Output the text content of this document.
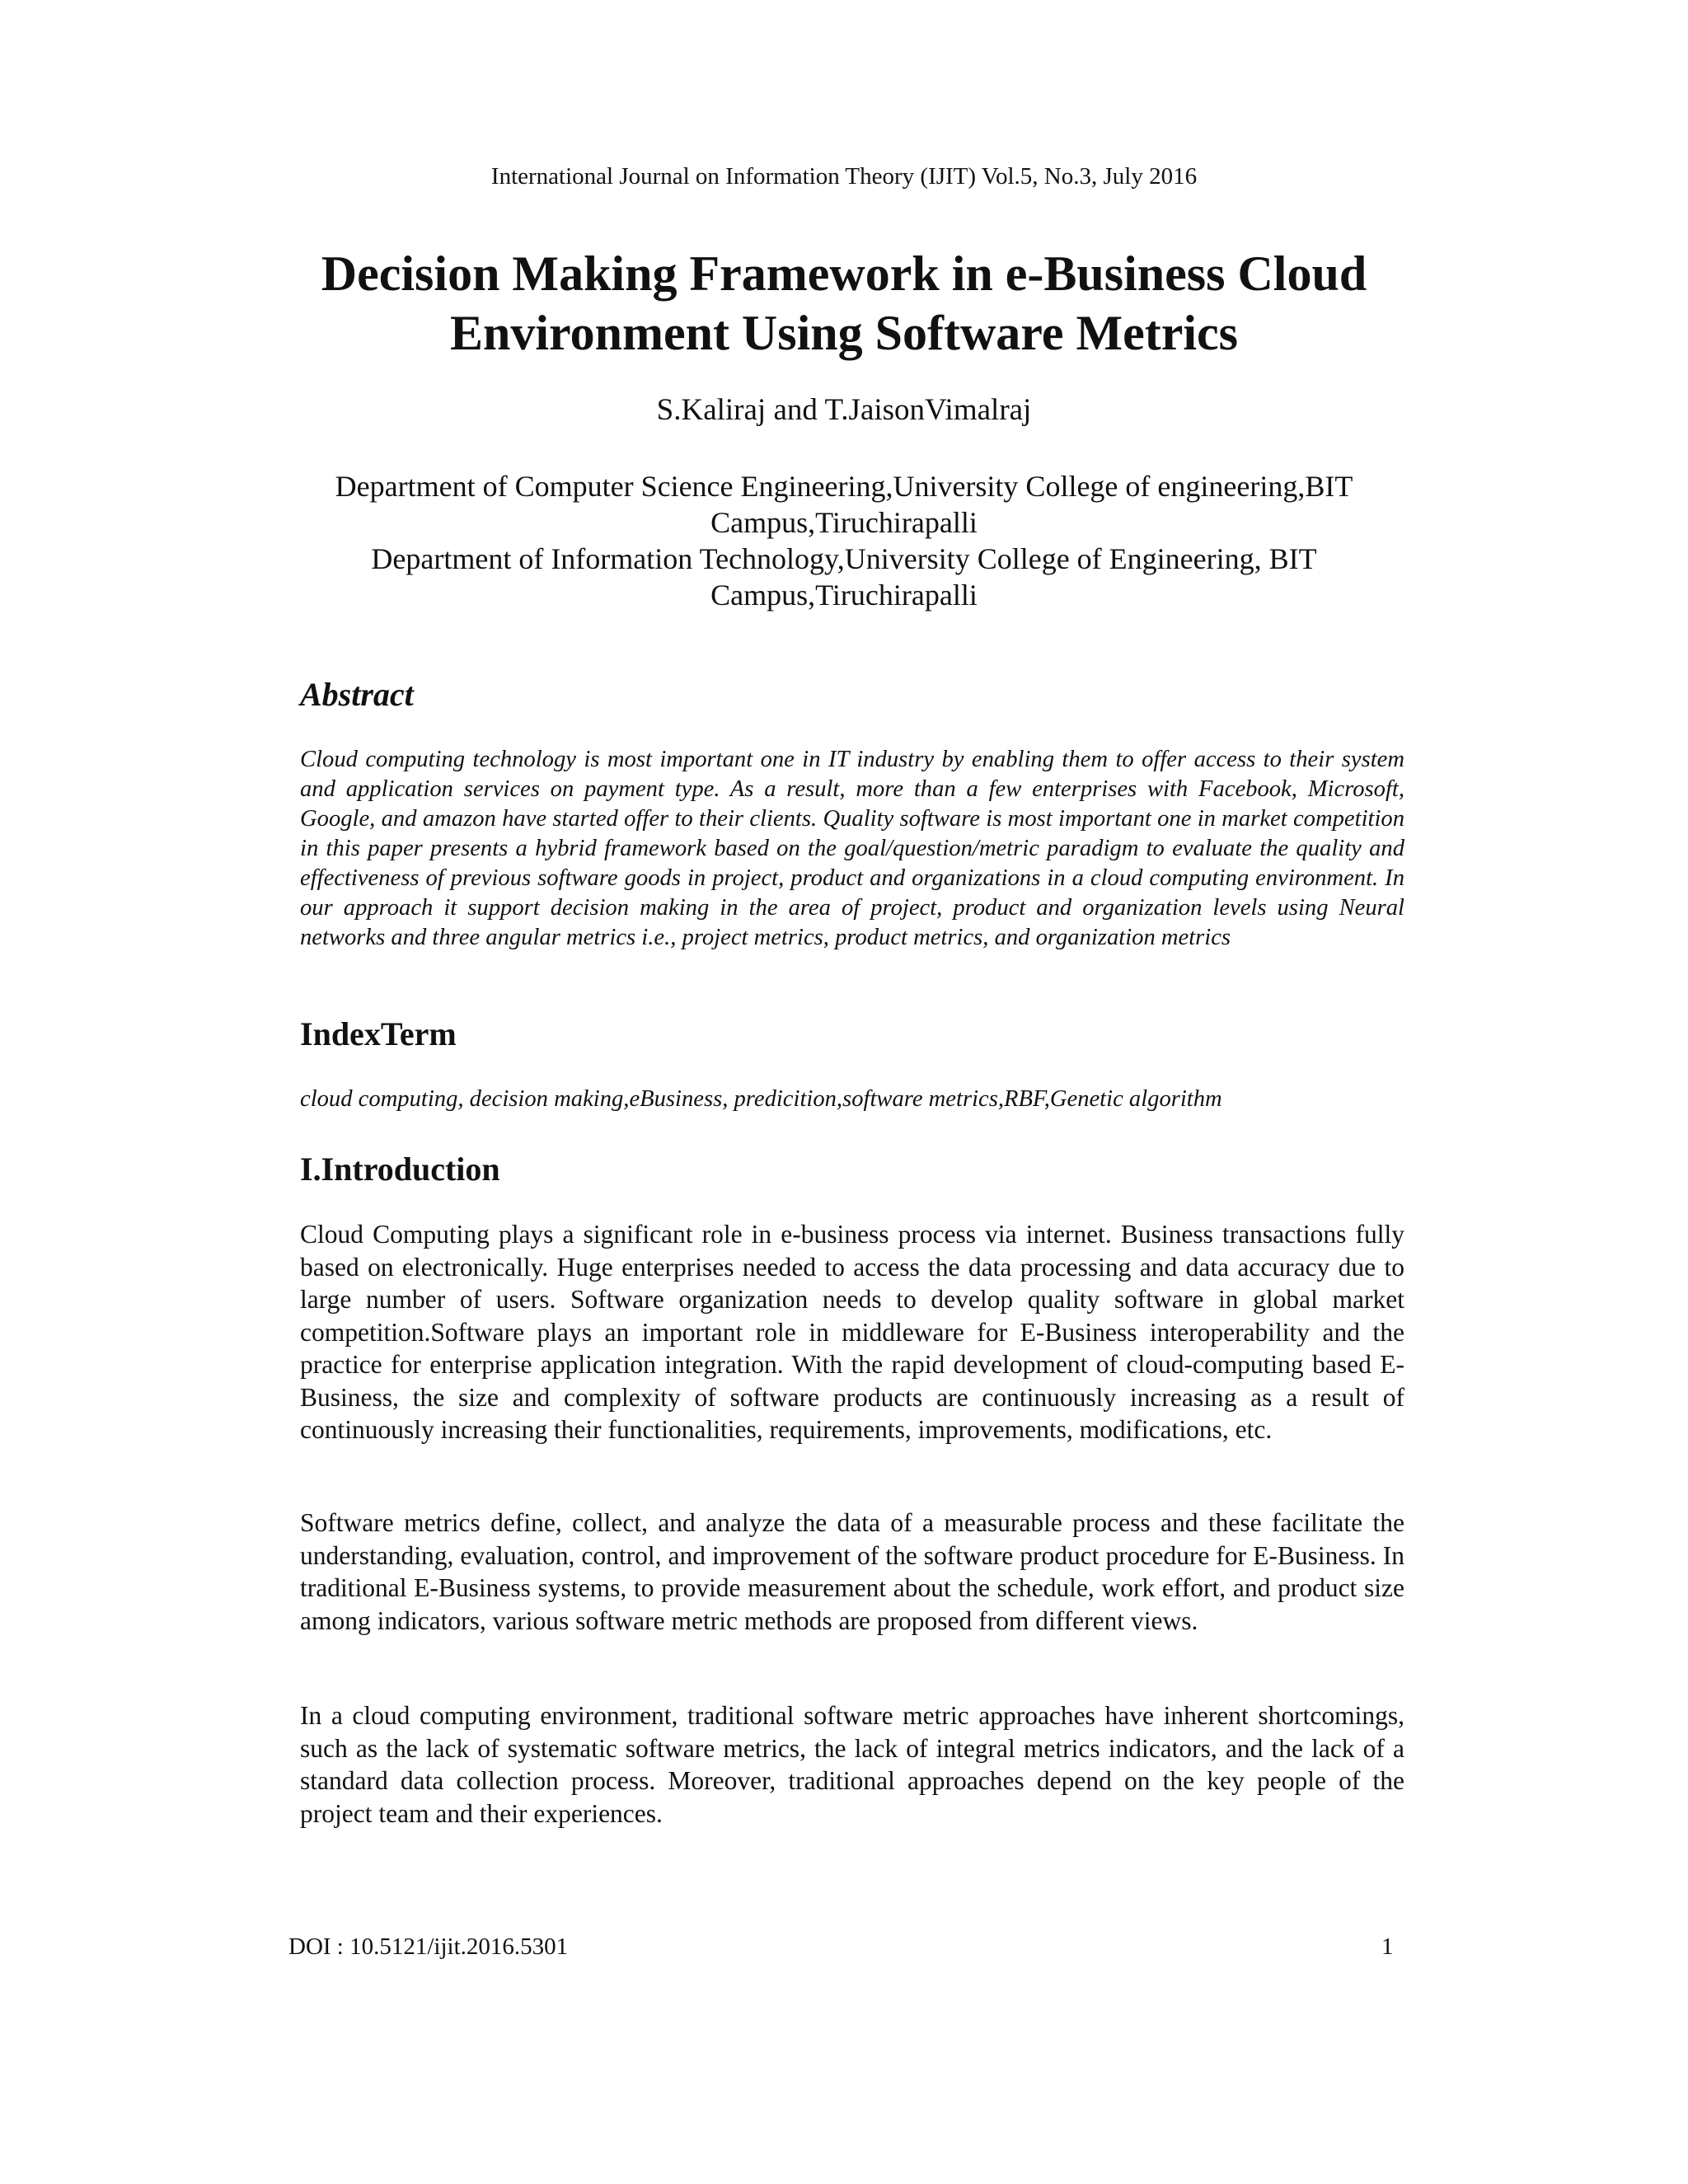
International Journal on Information Theory (IJIT) Vol.5, No.3, July 2016
Decision Making Framework in e-Business Cloud
Environment Using Software Metrics
S.Kaliraj and T.JaisonVimalraj
Department of Computer Science Engineering,University College of engineering,BIT
Campus,Tiruchirapalli
Department of Information Technology,University College of Engineering, BIT
Campus,Tiruchirapalli
Abstract

Cloud computing technology is most important one in IT industry by enabling them to offer access to their system and application services on payment type. As a result, more than a few enterprises with Facebook, Microsoft, Google, and amazon have started offer to their clients. Quality software is most important one in market competition in this paper presents a hybrid framework based on the goal/question/metric paradigm to evaluate the quality and effectiveness of previous software goods in project, product and organizations in a cloud computing environment. In our approach it support decision making in the area of project, product and organization levels using Neural networks and three angular metrics i.e., project metrics, product metrics, and organization metrics

IndexTerm

cloud computing, decision making,eBusiness, predicition,software metrics,RBF,Genetic algorithm

I.Introduction

Cloud Computing plays a significant role in e-business process via internet. Business transactions fully based on electronically. Huge enterprises needed to access the data processing and data accuracy due to large number of users. Software organization needs to develop quality software in global market competition.Software plays an important role in middleware for E-Business interoperability and the practice for enterprise application integration. With the rapid development of cloud-computing based E-Business, the size and complexity of software products are continuously increasing as a result of continuously increasing their functionalities, requirements, improvements, modifications, etc.

Software metrics define, collect, and analyze the data of a measurable process and these facilitate the understanding, evaluation, control, and improvement of the software product procedure for E-Business. In traditional E-Business systems, to provide measurement about the schedule, work effort, and product size among indicators, various software metric methods are proposed from different views.

In a cloud computing environment, traditional software metric approaches have inherent shortcomings, such as the lack of systematic software metrics, the lack of integral metrics indicators, and the lack of a standard data collection process. Moreover, traditional approaches depend on the key people of the project team and their experiences.

DOI : 10.5121/ijit.2016.5301	1
